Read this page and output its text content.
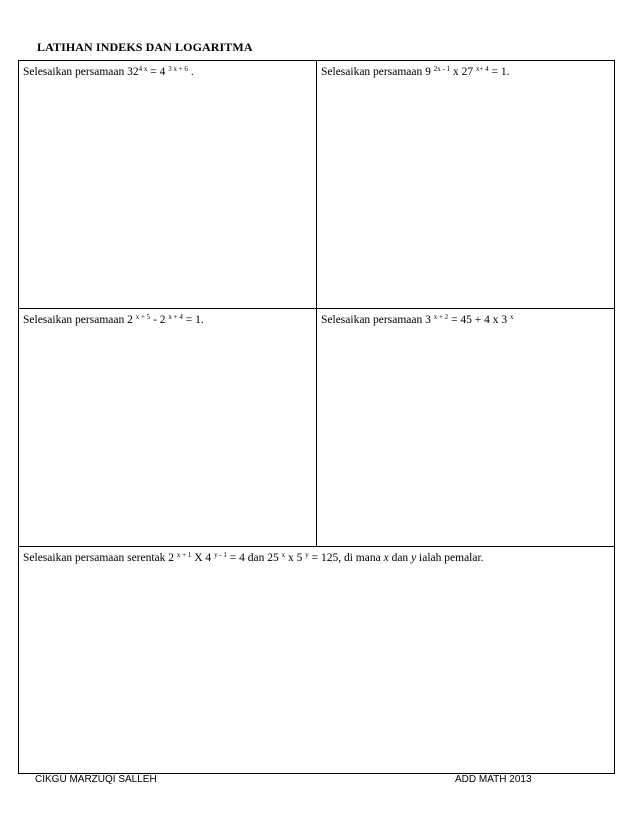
LATIHAN INDEKS DAN LOGARITMA
Selesaikan persamaan $32^{4 x} = 4$ $^{3 x + 6}$ .	Selesaikan persamaan 9 $^{2x - 1}$ x 27 $^{x+ 4}$ = 1.
Selesaikan persamaan 2 $^{x + 5}$ - 2 $^{x + 4}$ = 1.	Selesaikan persamaan 3 $^{x + 2}$ = 45 + 4 x 3 $^x$
Selesaikan persamaan serentak 2 $^{x + 1}$ X 4 $^{y - 1}$ = 4 dan 25 $^x$ x 5 $^y$ = 125, di mana x dan y ialah pemalar.	
CIKGU MARZUQI SALLEH	ADD MATH 2013
